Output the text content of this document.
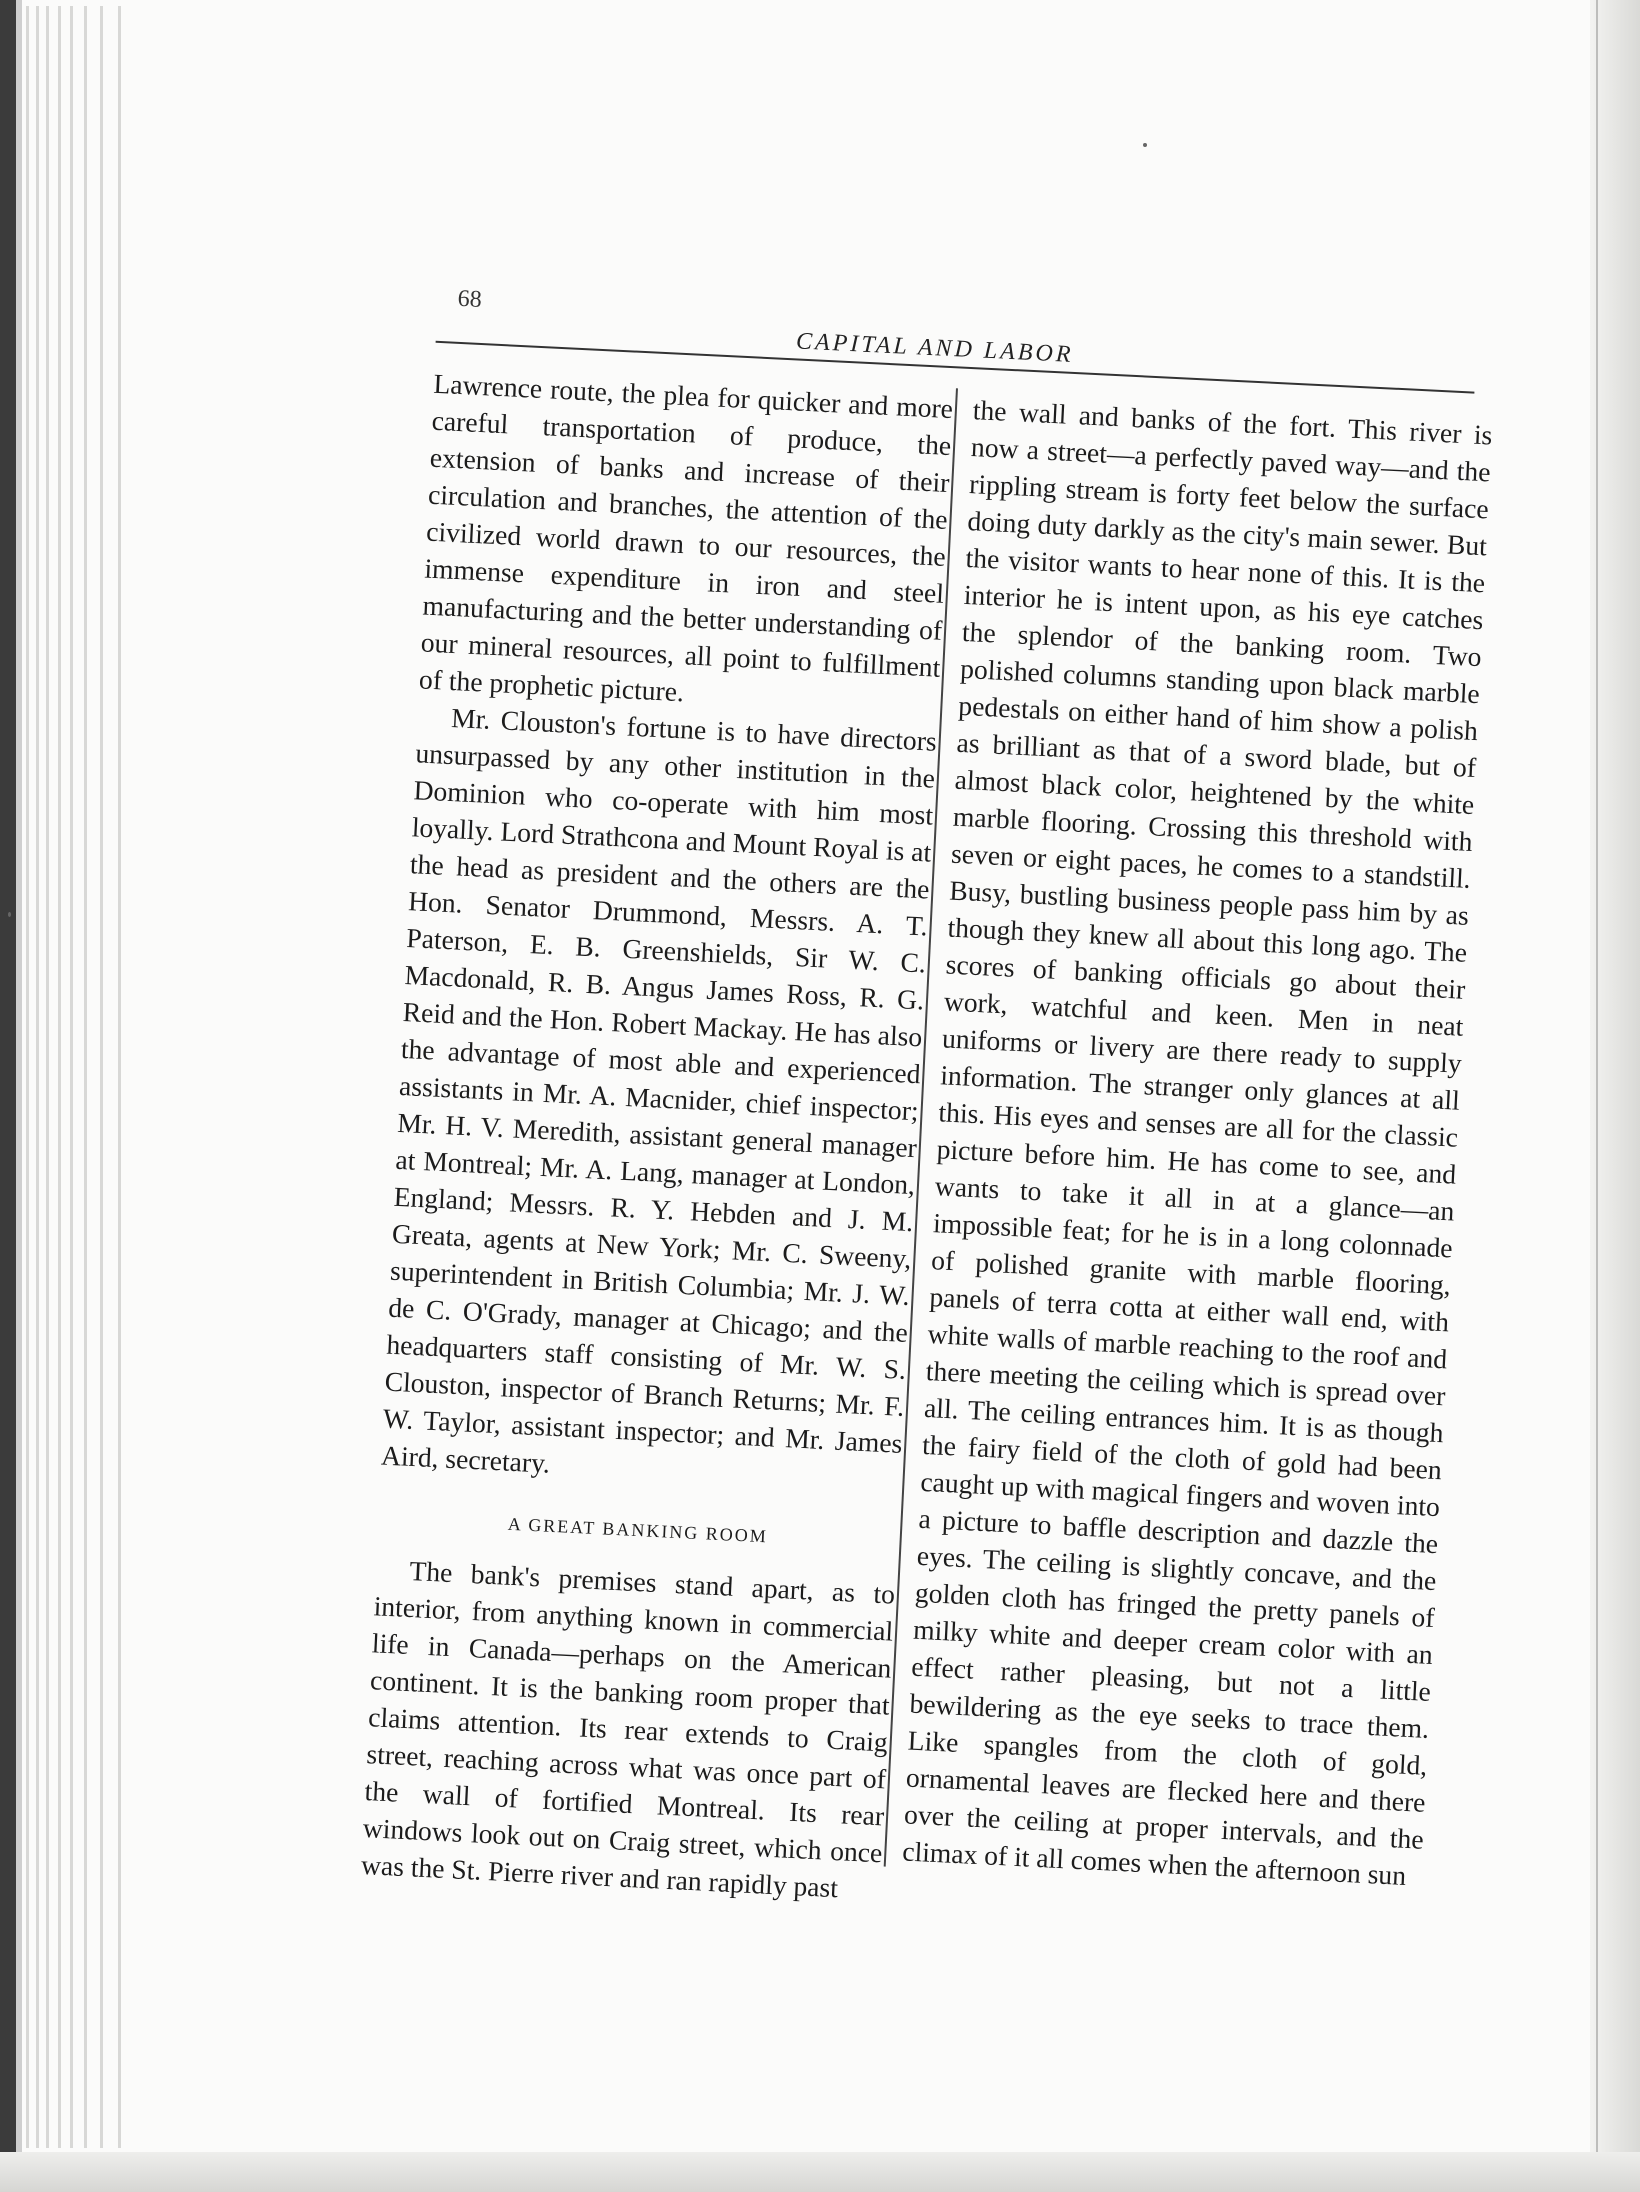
68
CAPITAL AND LABOR

Lawrence route, the plea for quicker and more careful transportation of produce, the extension of banks and increase of their circulation and branches, the attention of the civilized world drawn to our resources, the immense expenditure in iron and steel manufacturing and the better understanding of our mineral resources, all point to fulfillment of the prophetic picture.

Mr. Clouston's fortune is to have directors unsurpassed by any other institution in the Dominion who co-operate with him most loyally. Lord Strathcona and Mount Royal is at the head as president and the others are the Hon. Senator Drummond, Messrs. A. T. Paterson, E. B. Greenshields, Sir W. C. Macdonald, R. B. Angus James Ross, R. G. Reid and the Hon. Robert Mackay. He has also the advantage of most able and experienced assistants in Mr. A. Macnider, chief inspector; Mr. H. V. Meredith, assistant general manager at Montreal; Mr. A. Lang, manager at London, England; Messrs. R. Y. Hebden and J. M. Greata, agents at New York; Mr. C. Sweeny, superintendent in British Columbia; Mr. J. W. de C. O'Grady, manager at Chicago; and the headquarters staff consisting of Mr. W. S. Clouston, inspector of Branch Returns; Mr. F. W. Taylor, assistant inspector; and Mr. James Aird, secretary.

A GREAT BANKING ROOM

The bank's premises stand apart, as to interior, from anything known in commercial life in Canada—perhaps on the American continent. It is the banking room proper that claims attention. Its rear extends to Craig street, reaching across what was once part of the wall of fortified Montreal. Its rear windows look out on Craig street, which once was the St. Pierre river and ran rapidly past

the wall and banks of the fort. This river is now a street—a perfectly paved way—and the rippling stream is forty feet below the surface doing duty darkly as the city's main sewer. But the visitor wants to hear none of this. It is the interior he is intent upon, as his eye catches the splendor of the banking room. Two polished columns standing upon black marble pedestals on either hand of him show a polish as brilliant as that of a sword blade, but of almost black color, heightened by the white marble flooring. Crossing this threshold with seven or eight paces, he comes to a standstill. Busy, bustling business people pass him by as though they knew all about this long ago. The scores of banking officials go about their work, watchful and keen. Men in neat uniforms or livery are there ready to supply information. The stranger only glances at all this. His eyes and senses are all for the classic picture before him. He has come to see, and wants to take it all in at a glance—an impossible feat; for he is in a long colonnade of polished granite with marble flooring, panels of terra cotta at either wall end, with white walls of marble reaching to the roof and there meeting the ceiling which is spread over all. The ceiling entrances him. It is as though the fairy field of the cloth of gold had been caught up with magical fingers and woven into a picture to baffle description and dazzle the eyes. The ceiling is slightly concave, and the golden cloth has fringed the pretty panels of milky white and deeper cream color with an effect rather pleasing, but not a little bewildering as the eye seeks to trace them. Like spangles from the cloth of gold, ornamental leaves are flecked here and there over the ceiling at proper intervals, and the climax of it all comes when the afternoon sun
